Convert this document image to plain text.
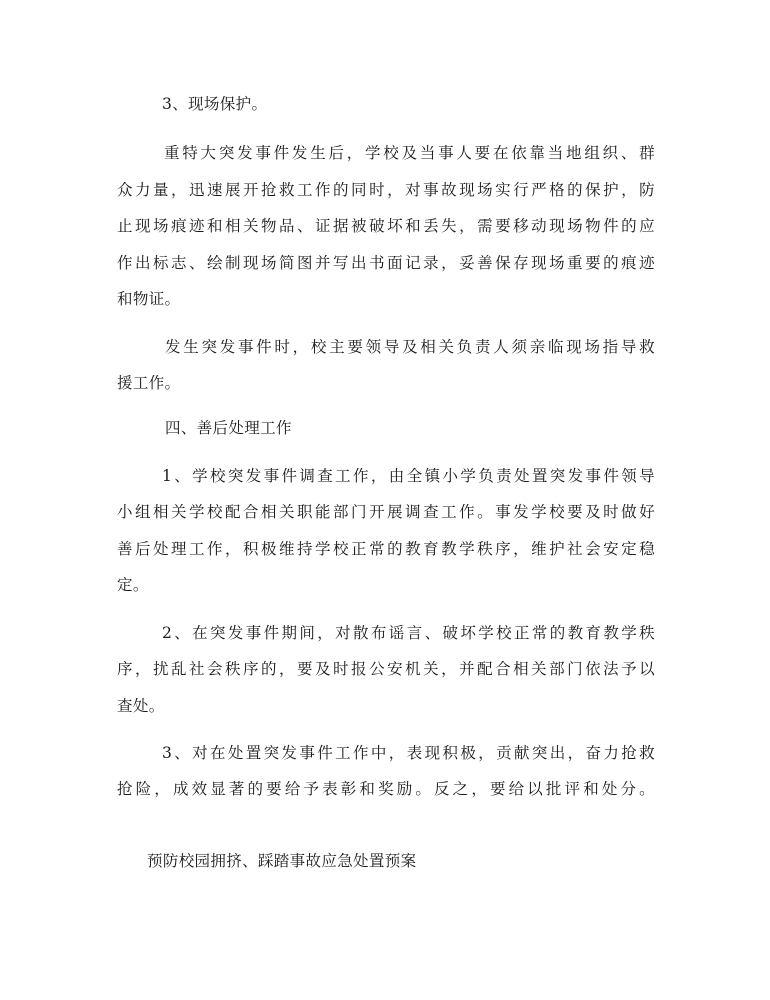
3、现场保护。
重特大突发事件发生后，学校及当事人要在依靠当地组织、群
众力量，迅速展开抢救工作的同时，对事故现场实行严格的保护，防
止现场痕迹和相关物品、证据被破坏和丢失，需要移动现场物件的应
作出标志、绘制现场简图并写出书面记录，妥善保存现场重要的痕迹
和物证。
发生突发事件时，校主要领导及相关负责人须亲临现场指导救
援工作。
四、善后处理工作
1、学校突发事件调查工作，由全镇小学负责处置突发事件领导
小组相关学校配合相关职能部门开展调查工作。事发学校要及时做好
善后处理工作，积极维持学校正常的教育教学秩序，维护社会安定稳
定。
2、在突发事件期间，对散布谣言、破坏学校正常的教育教学秩
序，扰乱社会秩序的，要及时报公安机关，并配合相关部门依法予以
查处。
3、对在处置突发事件工作中，表现积极，贡献突出，奋力抢救
抢险，成效显著的要给予表彰和奖励。反之，要给以批评和处分。
预防校园拥挤、踩踏事故应急处置预案
